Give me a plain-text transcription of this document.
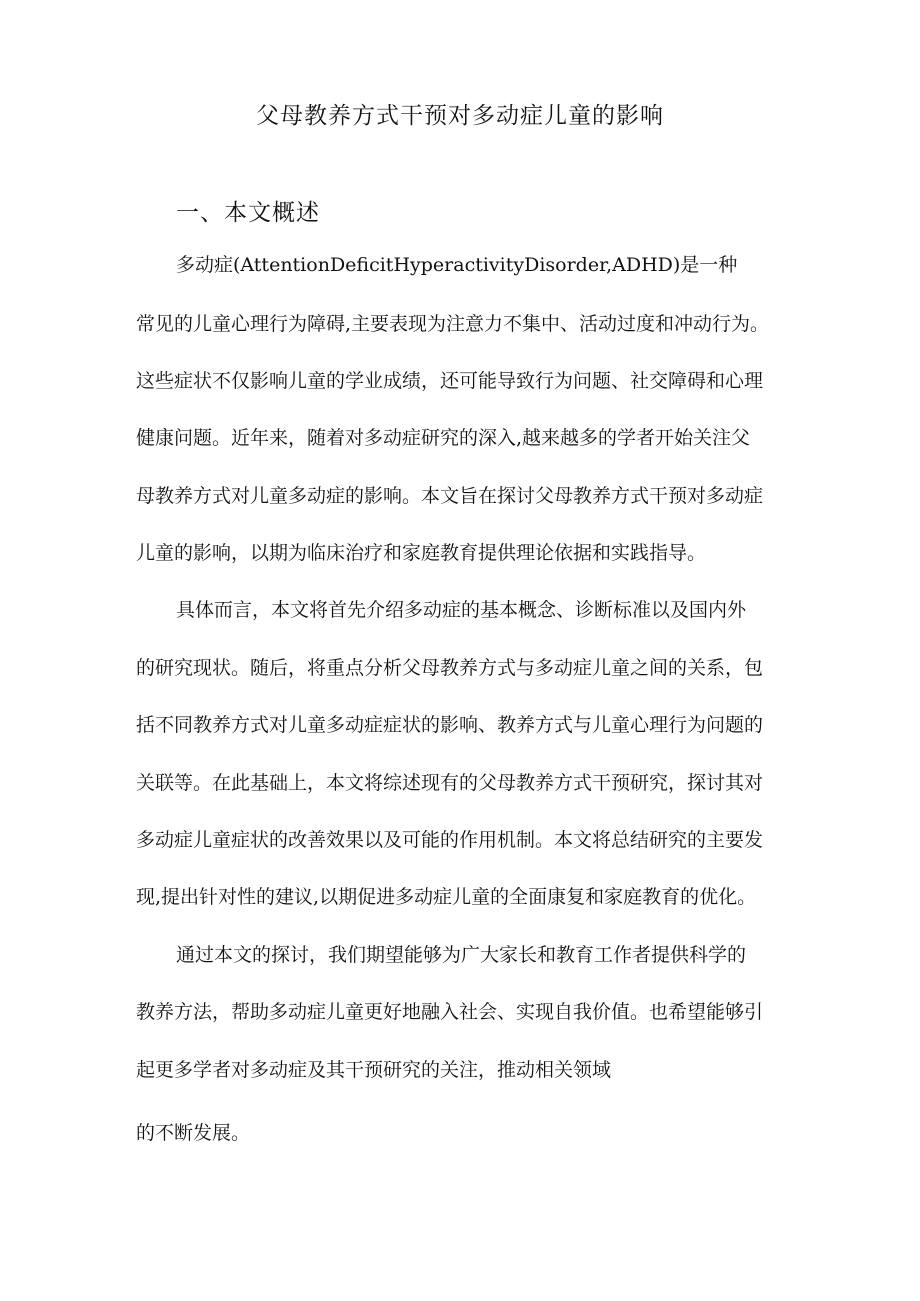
父母教养方式干预对多动症儿童的影响
一、本文概述
多动症(AttentionDeficitHyperactivityDisorder,ADHD)是一种
常见的儿童心理行为障碍,主要表现为注意力不集中、活动过度和冲动行为。
这些症状不仅影响儿童的学业成绩，还可能导致行为问题、社交障碍和心理
健康问题。近年来，随着对多动症研究的深入,越来越多的学者开始关注父
母教养方式对儿童多动症的影响。本文旨在探讨父母教养方式干预对多动症
儿童的影响，以期为临床治疗和家庭教育提供理论依据和实践指导。
具体而言，本文将首先介绍多动症的基本概念、诊断标准以及国内外
的研究现状。随后，将重点分析父母教养方式与多动症儿童之间的关系，包
括不同教养方式对儿童多动症症状的影响、教养方式与儿童心理行为问题的
关联等。在此基础上，本文将综述现有的父母教养方式干预研究，探讨其对
多动症儿童症状的改善效果以及可能的作用机制。本文将总结研究的主要发
现,提出针对性的建议,以期促进多动症儿童的全面康复和家庭教育的优化。
通过本文的探讨，我们期望能够为广大家长和教育工作者提供科学的
教养方法，帮助多动症儿童更好地融入社会、实现自我价值。也希望能够引
起更多学者对多动症及其干预研究的关注，推动相关领域
的不断发展。
